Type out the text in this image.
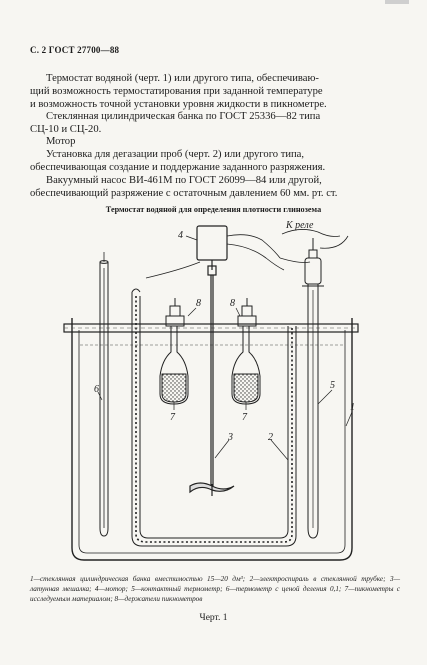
С. 2 ГОСТ 27700—88
Термостат водяной (черт. 1) или другого типа, обеспечиваю-
щий возможность термостатирования при заданной температуре
и возможность точной установки уровня жидкости в пикнометре.
Стеклянная цилиндрическая банка по ГОСТ 25336—82 типа
СЦ-10 и СЦ-20.
Мотор
Установка для дегазации проб (черт. 2) или другого типа,
обеспечивающая создание и поддержание заданного разряжения.
Вакуумный насос ВИ-461М по ГОСТ 26099—84 или другой,
обеспечивающий разряжение с остаточным давлением 60 мм. рт. ст.
Термостат водяной для определения плотности глинозема
4
8	8
7	7
6
3	2
5
1
К реле
1—стеклянная цилиндрическая банка вместимостью 15—20 дм³; 2—электроспираль в стеклянной трубке; 3—латунная мешалка; 4—мотор; 5—контактный термометр; 6—термометр с ценой деления 0,1; 7—пикнометры с исследуемым материалом; 8—держатели пикнометров
Черт. 1
